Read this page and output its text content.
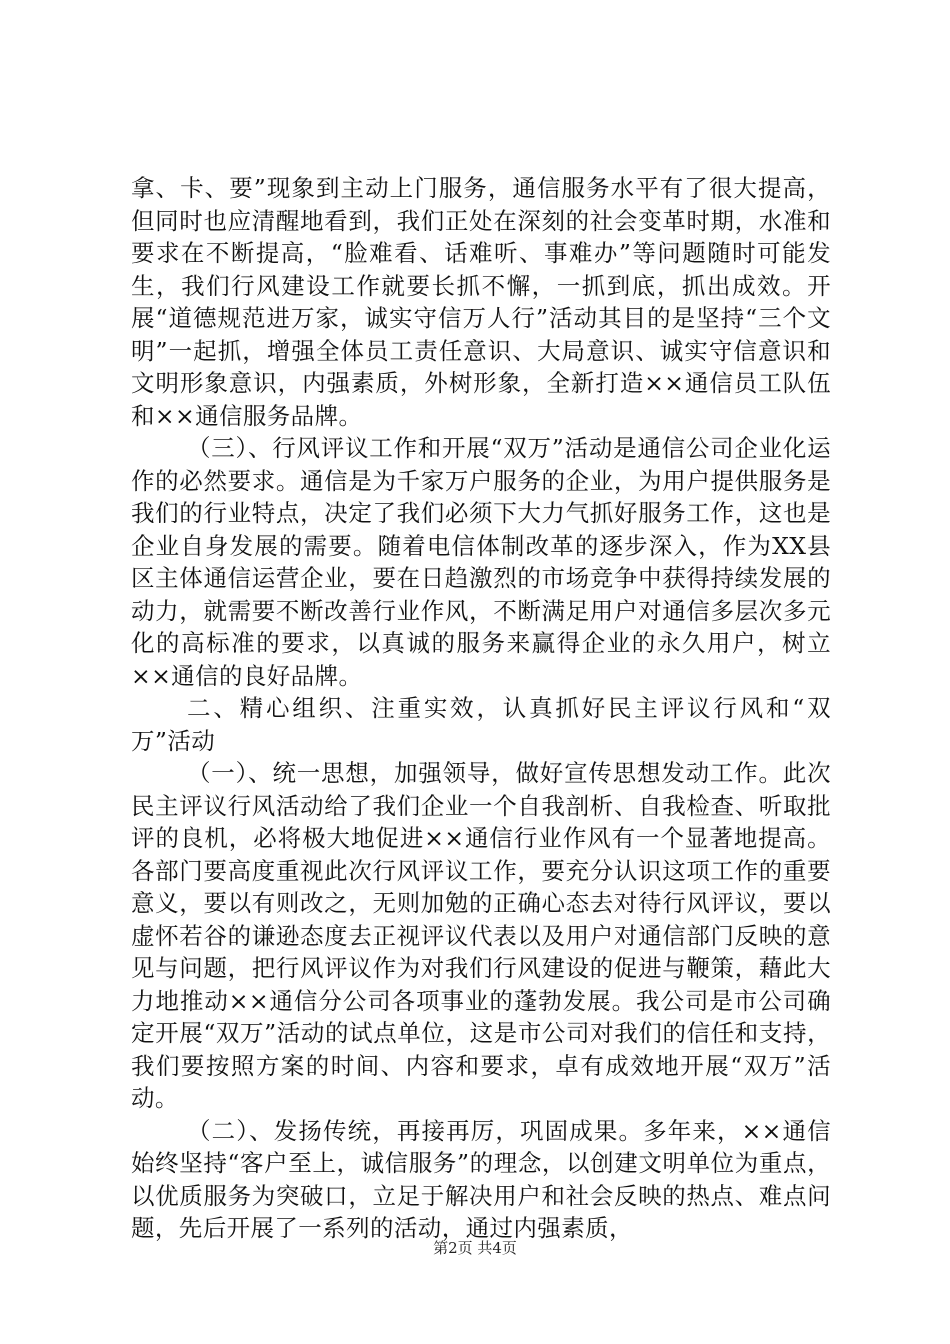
拿、卡、要”现象到主动上门服务，通信服务水平有了很大提高，但同时也应清醒地看到，我们正处在深刻的社会变革时期，水准和要求在不断提高，“脸难看、话难听、事难办”等问题随时可能发生，我们行风建设工作就要长抓不懈，一抓到底，抓出成效。开展“道德规范进万家，诚实守信万人行”活动其目的是坚持“三个文明”一起抓，增强全体员工责任意识、大局意识、诚实守信意识和文明形象意识，内强素质，外树形象，全新打造××通信员工队伍和××通信服务品牌。

（三）、行风评议工作和开展“双万”活动是通信公司企业化运作的必然要求。通信是为千家万户服务的企业，为用户提供服务是我们的行业特点，决定了我们必须下大力气抓好服务工作，这也是企业自身发展的需要。随着电信体制改革的逐步深入，作为XX县区主体通信运营企业，要在日趋激烈的市场竞争中获得持续发展的动力，就需要不断改善行业作风，不断满足用户对通信多层次多元化的高标准的要求，以真诚的服务来赢得企业的永久用户，树立××通信的良好品牌。

二、精心组织、注重实效，认真抓好民主评议行风和“双万”活动

（一）、统一思想，加强领导，做好宣传思想发动工作。此次民主评议行风活动给了我们企业一个自我剖析、自我检查、听取批评的良机，必将极大地促进××通信行业作风有一个显著地提高。各部门要高度重视此次行风评议工作，要充分认识这项工作的重要意义，要以有则改之，无则加勉的正确心态去对待行风评议，要以虚怀若谷的谦逊态度去正视评议代表以及用户对通信部门反映的意见与问题，把行风评议作为对我们行风建设的促进与鞭策，藉此大力地推动××通信分公司各项事业的蓬勃发展。我公司是市公司确定开展“双万”活动的试点单位，这是市公司对我们的信任和支持，我们要按照方案的时间、内容和要求，卓有成效地开展“双万”活动。

（二）、发扬传统，再接再厉，巩固成果。多年来，××通信始终坚持“客户至上，诚信服务”的理念，以创建文明单位为重点，以优质服务为突破口，立足于解决用户和社会反映的热点、难点问题，先后开展了一系列的活动，通过内强素质，

第2页 共4页
